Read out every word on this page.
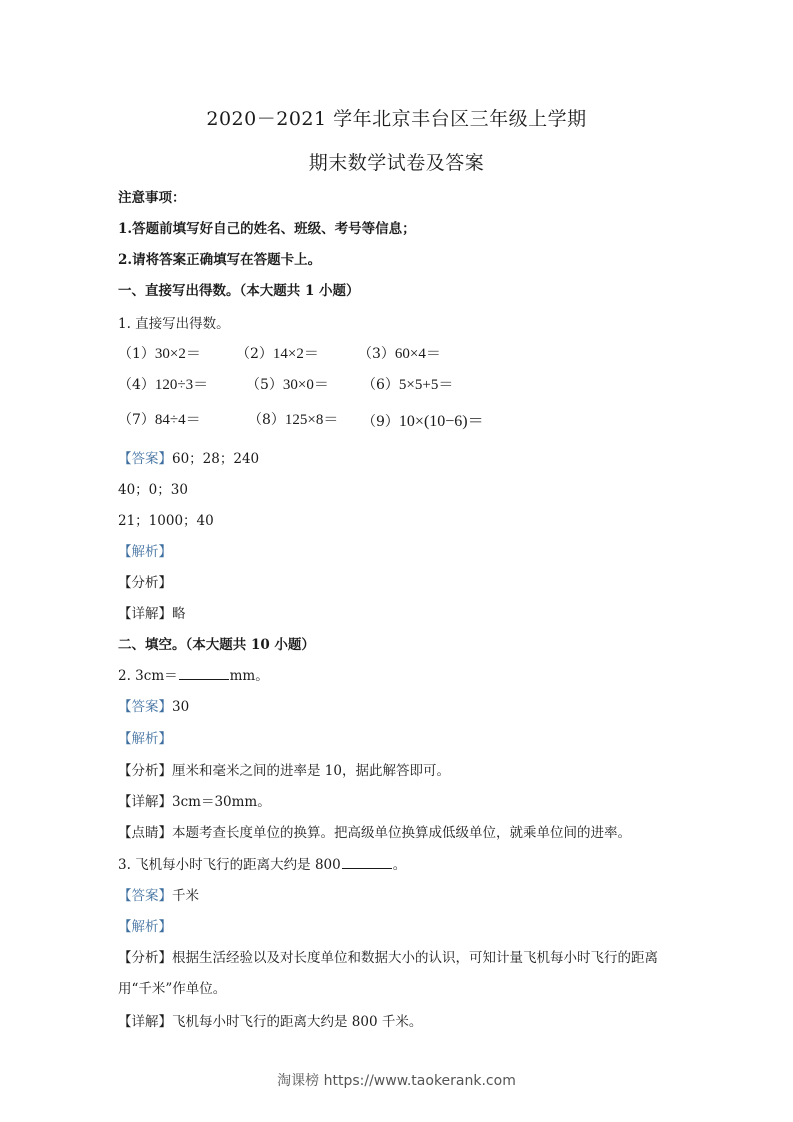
2020－2021 学年北京丰台区三年级上学期
期末数学试卷及答案
注意事项：
1.答题前填写好自己的姓名、班级、考号等信息；
2.请将答案正确填写在答题卡上。
一、直接写出得数。（本大题共 1 小题）
1. 直接写出得数。
（1）30×2＝	（2）14×2＝	（3）60×4＝
（4）120÷3＝	（5）30×0＝ （6）5×5+5＝
（7）84÷4＝	（8）125×8＝ （9）10×(10−6)＝
【答案】60；28；240
40；0；30
21；1000；40
【解析】
【分析】
【详解】略
二、填空。（本大题共 10 小题）
2. 3cm＝	mm。
【答案】30
【解析】
【分析】厘米和毫米之间的进率是 10，据此解答即可。
【详解】3cm＝30mm。
【点睛】本题考查长度单位的换算。把高级单位换算成低级单位，就乘单位间的进率。
3. 飞机每小时飞行的距离大约是 800	。
【答案】千米
【解析】
【分析】根据生活经验以及对长度单位和数据大小的认识，可知计量飞机每小时飞行的距离
用“千米”作单位。
【详解】飞机每小时飞行的距离大约是 800 千米。
淘课榜 https://www.taokerank.com
